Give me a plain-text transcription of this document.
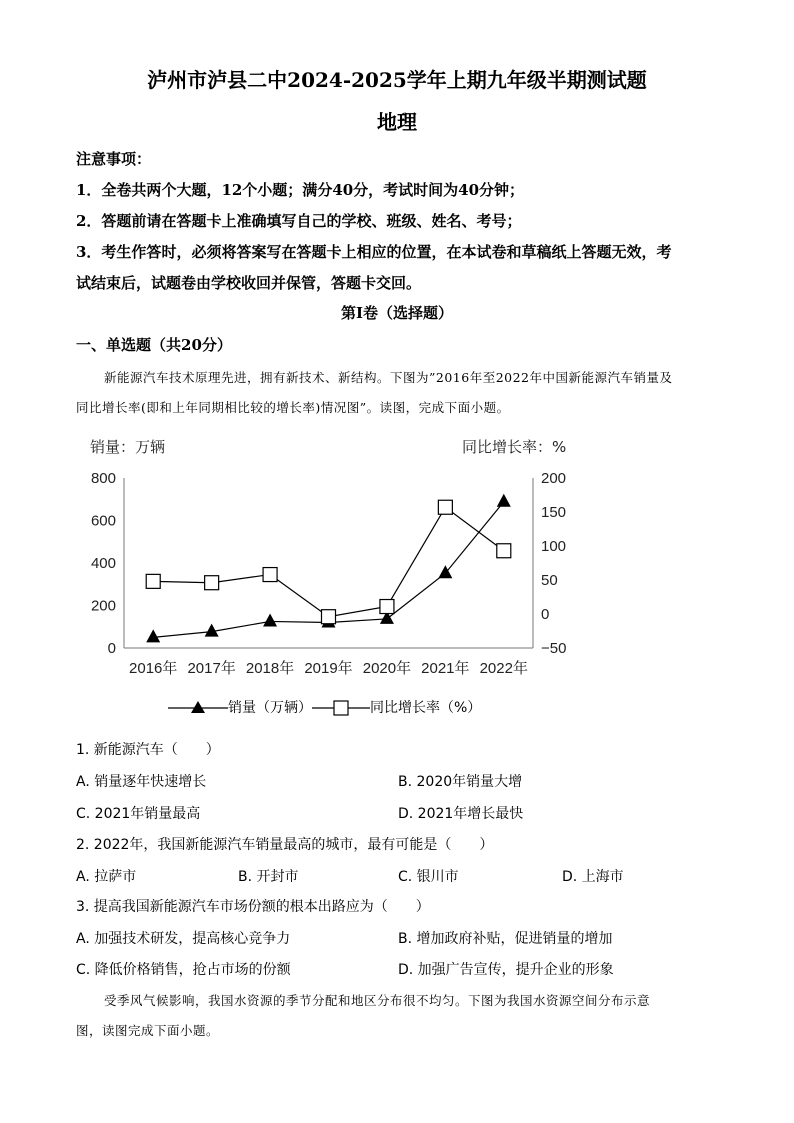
泸州市泸县二中2024-2025学年上期九年级半期测试题
地理
注意事项：
1．全卷共两个大题，12个小题；满分40分，考试时间为40分钟；
2．答题前请在答题卡上准确填写自己的学校、班级、姓名、考号；
3．考生作答时，必须将答案写在答题卡上相应的位置，在本试卷和草稿纸上答题无效，考
试结束后，试题卷由学校收回并保管，答题卡交回。
第Ⅰ卷（选择题）
一、单选题（共20分）
新能源汽车技术原理先进，拥有新技术、新结构。下图为”2016年至2022年中国新能源汽车销量及
同比增长率(即和上年同期相比较的增长率)情况图”。读图，完成下面小题。
销量：万辆	同比增长率：%
0
200
400
600
800
−50
0
50
100
150
200
2016年 2017年 2018年 2019年 2020年 2021年 2022年
销量（万辆）	同比增长率（%）
1. 新能源汽车（　　）
A. 销量逐年快速增长	B. 2020年销量大增
C. 2021年销量最高	D. 2021年增长最快
2. 2022年，我国新能源汽车销量最高的城市，最有可能是（　　）
A. 拉萨市	B. 开封市	C. 银川市	D. 上海市
3. 提高我国新能源汽车市场份额的根本出路应为（　　）
A. 加强技术研发，提高核心竞争力	B. 增加政府补贴，促进销量的增加
C. 降低价格销售，抢占市场的份额	D. 加强广告宣传，提升企业的形象
受季风气候影响，我国水资源的季节分配和地区分布很不均匀。下图为我国水资源空间分布示意
图，读图完成下面小题。
